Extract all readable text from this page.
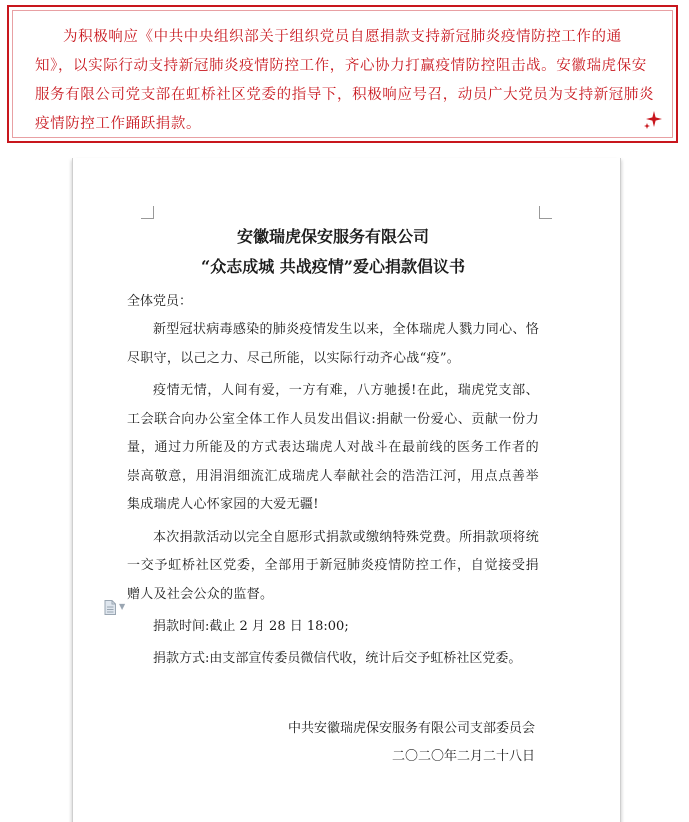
为积极响应《中共中央组织部关于组织党员自愿捐款支持新冠肺炎疫情防控工作的通知》，以实际行动支持新冠肺炎疫情防控工作，齐心协力打赢疫情防控阻击战。安徽瑞虎保安服务有限公司党支部在虹桥社区党委的指导下，积极响应号召，动员广大党员为支持新冠肺炎疫情防控工作踊跃捐款。

安徽瑞虎保安服务有限公司

“众志成城 共战疫情”爱心捐款倡议书

全体党员：

新型冠状病毒感染的肺炎疫情发生以来，全体瑞虎人戮力同心、恪尽职守，以己之力、尽己所能，以实际行动齐心战“疫”。

疫情无情，人间有爱，一方有难，八方驰援!在此，瑞虎党支部、工会联合向办公室全体工作人员发出倡议:捐献一份爱心、贡献一份力量，通过力所能及的方式表达瑞虎人对战斗在最前线的医务工作者的崇高敬意，用涓涓细流汇成瑞虎人奉献社会的浩浩江河，用点点善举集成瑞虎人心怀家园的大爱无疆!

本次捐款活动以完全自愿形式捐款或缴纳特殊党费。所捐款项将统一交予虹桥社区党委，全部用于新冠肺炎疫情防控工作，自觉接受捐赠人及社会公众的监督。

捐款时间:截止 2 月 28 日 18:00;

捐款方式:由支部宣传委员微信代收，统计后交予虹桥社区党委。

中共安徽瑞虎保安服务有限公司支部委员会

二〇二〇年二月二十八日

▼
